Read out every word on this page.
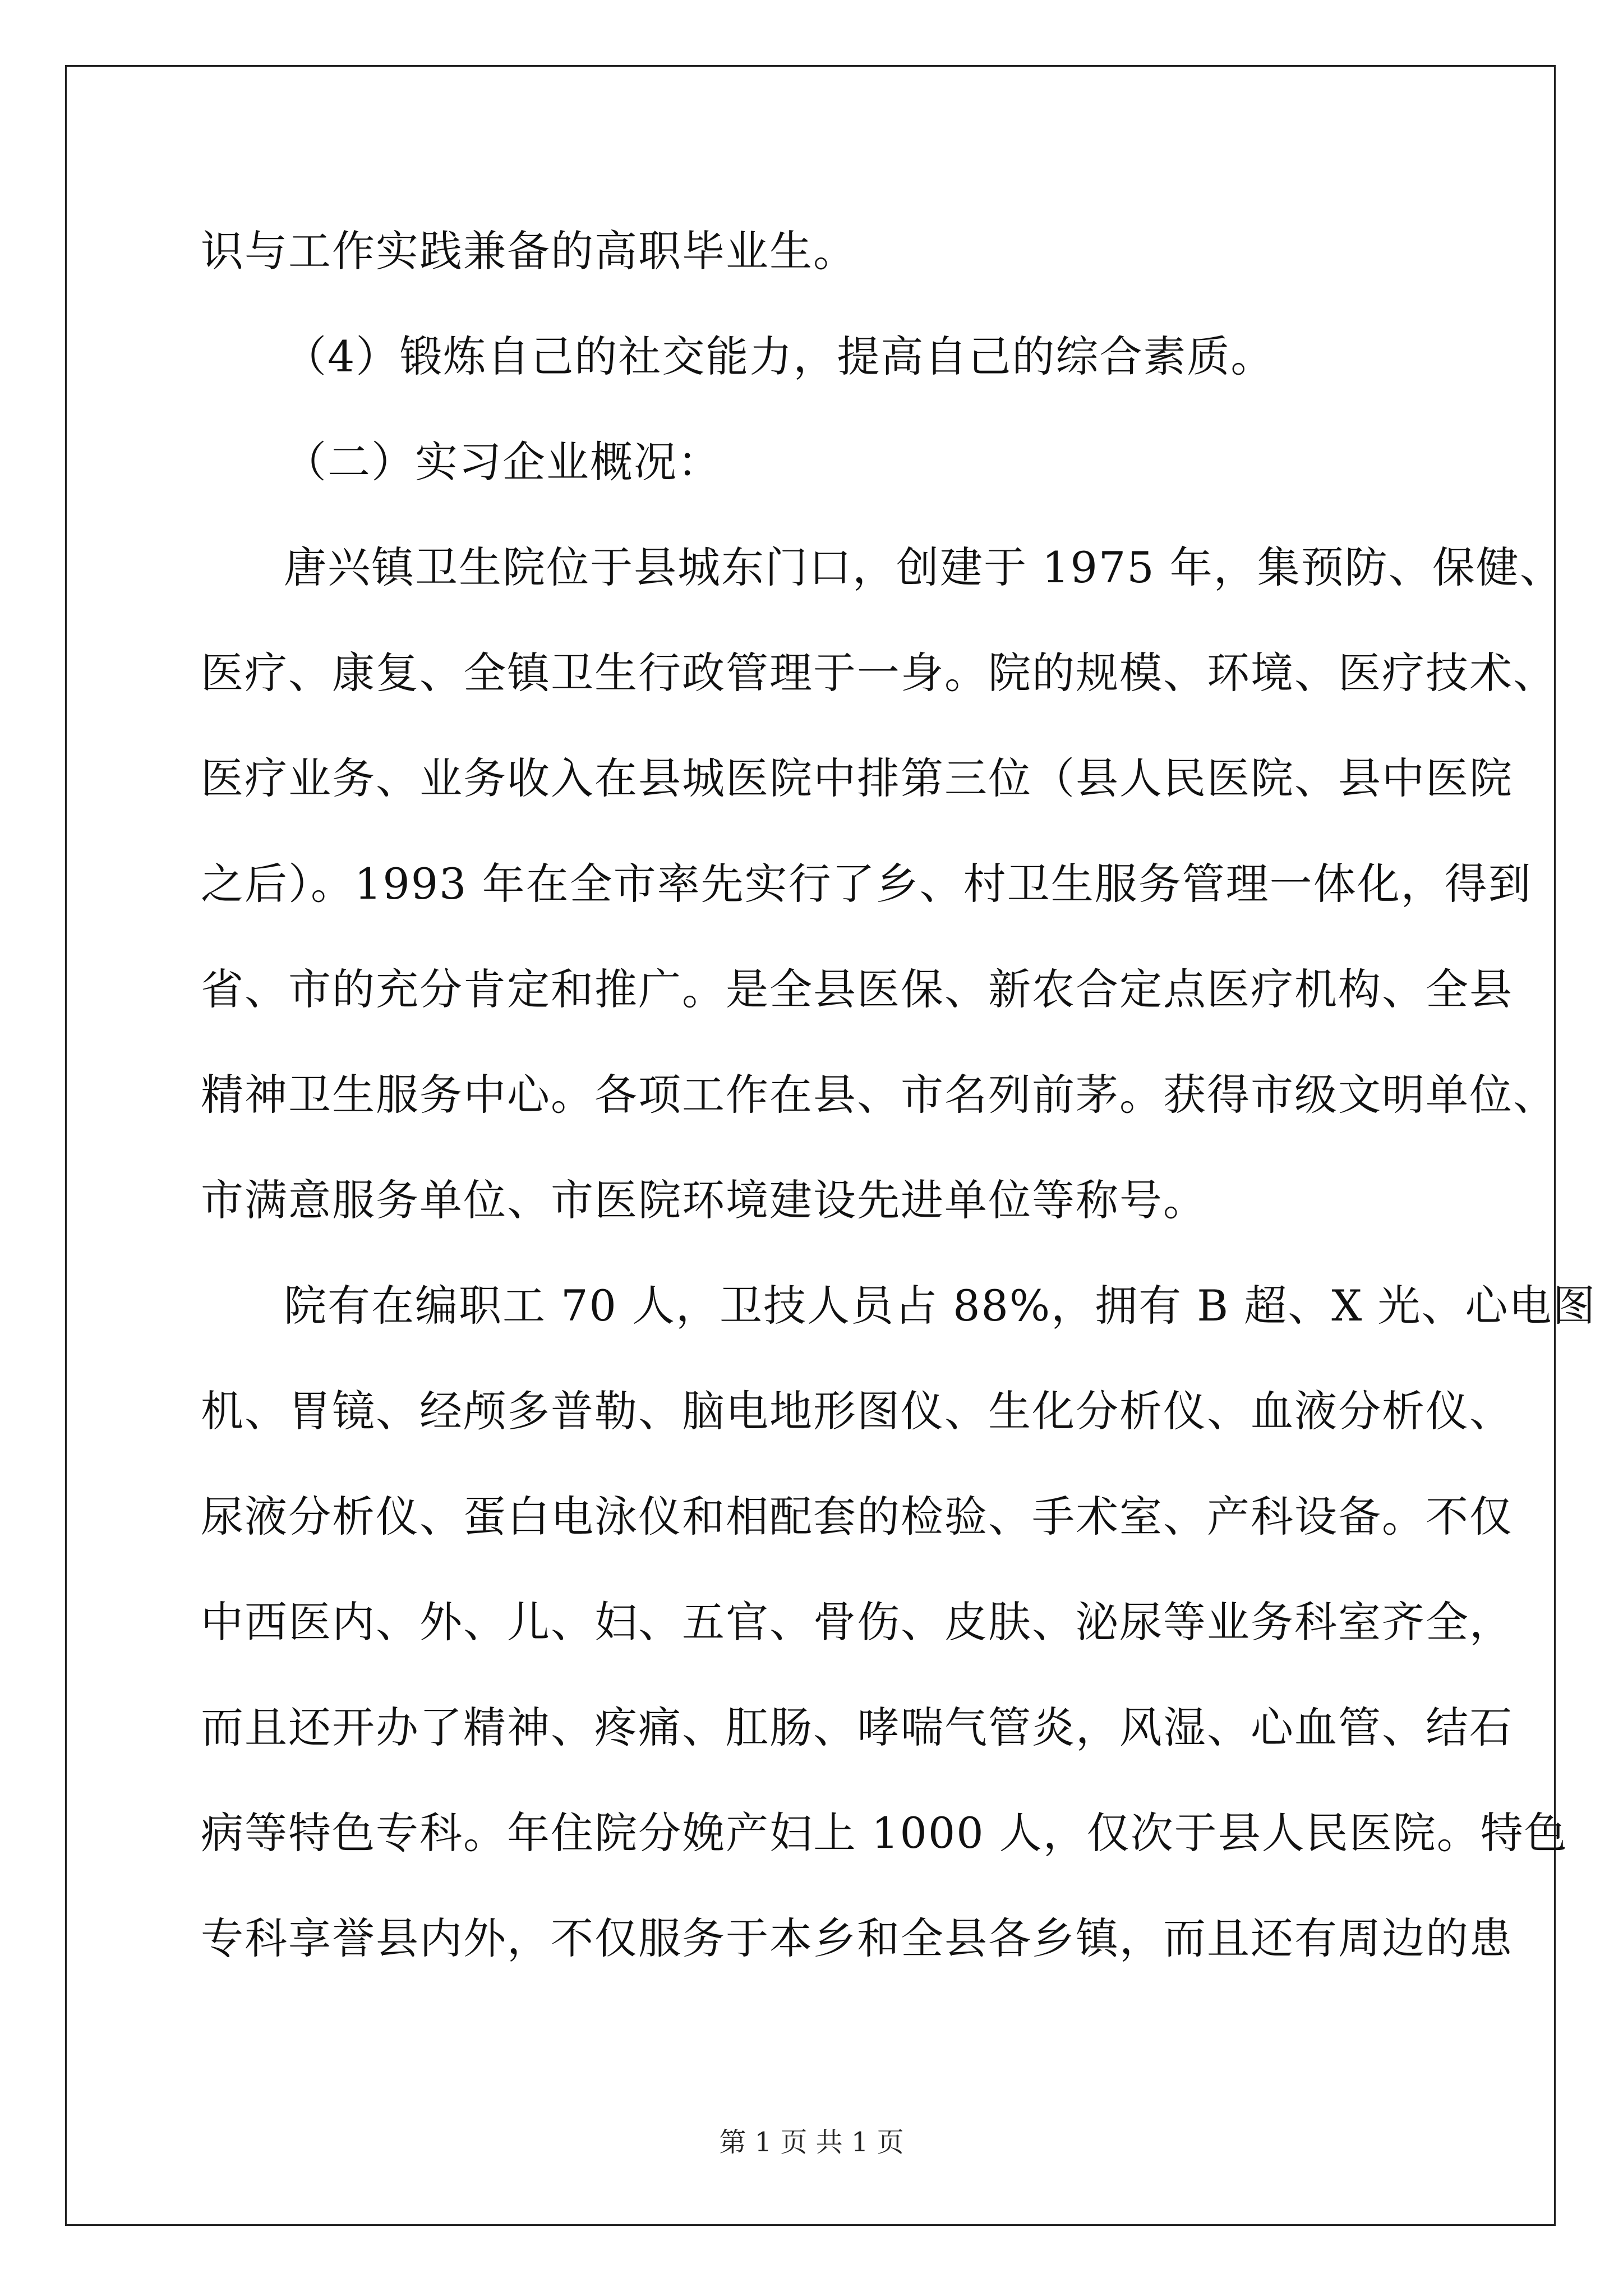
识与工作实践兼备的高职毕业生。
（4）锻炼自己的社交能力，提高自己的综合素质。
（二）实习企业概况：
唐兴镇卫生院位于县城东门口，创建于 1975 年，集预防、保健、
医疗、康复、全镇卫生行政管理于一身。院的规模、环境、医疗技术、
医疗业务、业务收入在县城医院中排第三位（县人民医院、县中医院
之后）。1993 年在全市率先实行了乡、村卫生服务管理一体化，得到
省、市的充分肯定和推广。是全县医保、新农合定点医疗机构、全县
精神卫生服务中心。各项工作在县、市名列前茅。获得市级文明单位、
市满意服务单位、市医院环境建设先进单位等称号。
院有在编职工 70 人，卫技人员占 88%，拥有 B 超、X 光、心电图
机、胃镜、经颅多普勒、脑电地形图仪、生化分析仪、血液分析仪、
尿液分析仪、蛋白电泳仪和相配套的检验、手术室、产科设备。不仅
中西医内、外、儿、妇、五官、骨伤、皮肤、泌尿等业务科室齐全，
而且还开办了精神、疼痛、肛肠、哮喘气管炎，风湿、心血管、结石
病等特色专科。年住院分娩产妇上 1000 人，仅次于县人民医院。特色
专科享誉县内外，不仅服务于本乡和全县各乡镇，而且还有周边的患
第 1 页 共 1 页
